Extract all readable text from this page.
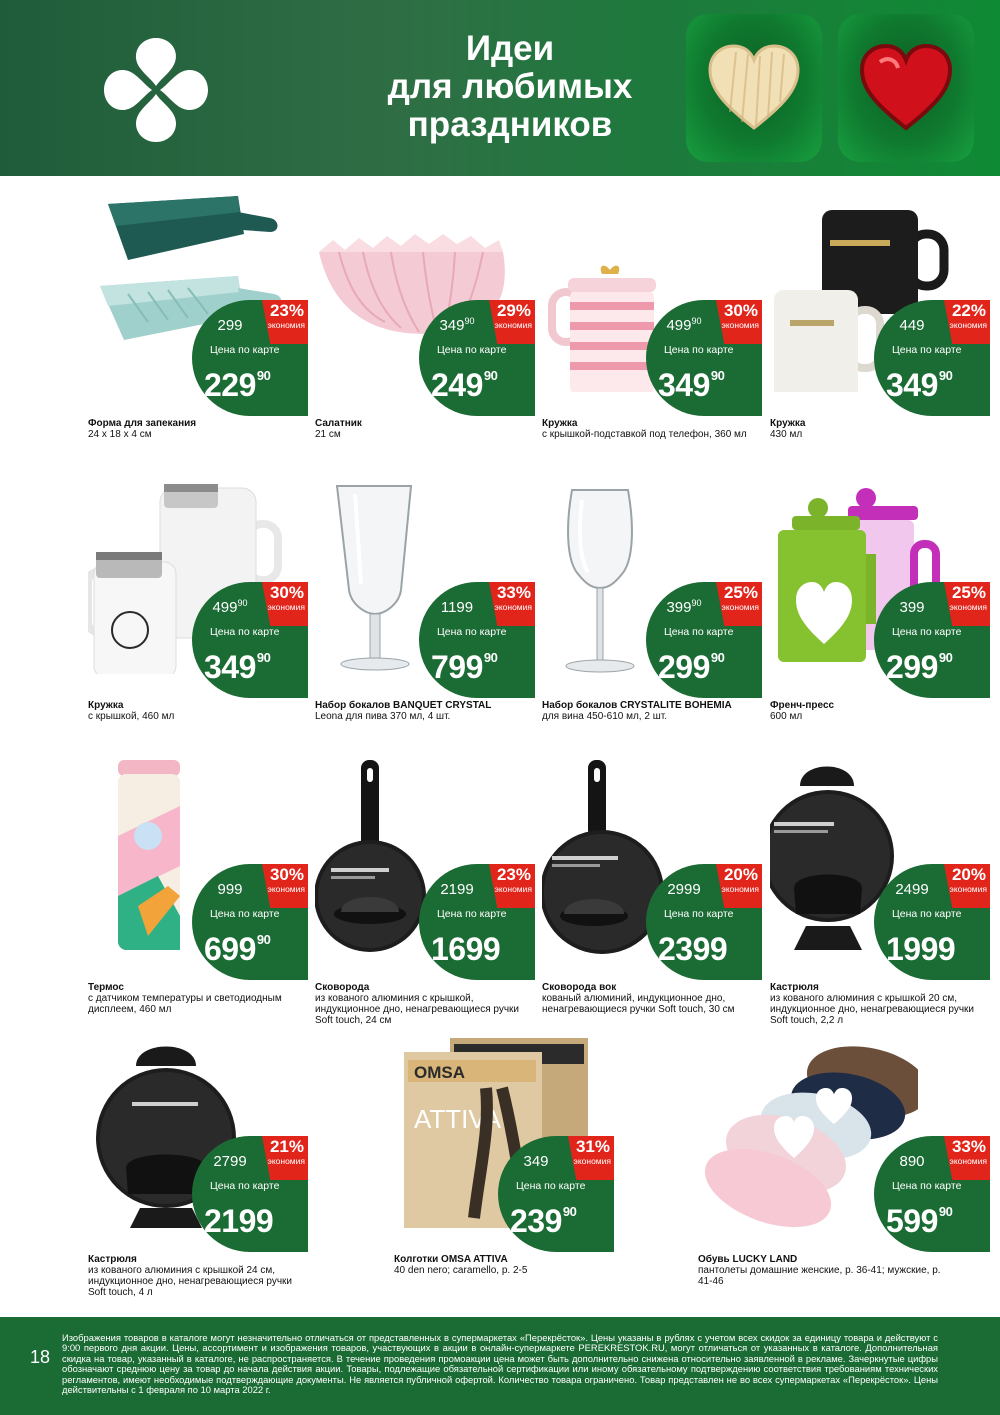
Идеи
для любимых
праздников
23%
экономия
299
Цена по карте
$229^{90}$
Форма для запекания
24 x 18 x 4 см
29%
экономия
$349^{90}$
Цена по карте
$249^{90}$
Салатник
21 см
30%
экономия
$499^{90}$
Цена по карте
$349^{90}$
Кружка
с крышкой-подставкой под телефон, 360 мл
22%
экономия
449
Цена по карте
$349^{90}$
Кружка
430 мл
30%
экономия
$499^{90}$
Цена по карте
$349^{90}$
Кружка
с крышкой, 460 мл
33%
экономия
1199
Цена по карте
$799^{90}$
Набор бокалов BANQUET CRYSTAL
Leona для пива 370 мл, 4 шт.
25%
экономия
$399^{90}$
Цена по карте
$299^{90}$
Набор бокалов CRYSTALITE BOHEMIA
для вина 450-610 мл, 2 шт.
25%
экономия
399
Цена по карте
$299^{90}$
Френч-пресс
600 мл
30%
экономия
999
Цена по карте
$699^{90}$
Термос
с датчиком температуры и светодиодным дисплеем, 460 мл
23%
экономия
2199
Цена по карте
1699
Сковорода
из кованого алюминия с крышкой, индукционное дно, ненагревающиеся ручки Soft touch, 24 см
20%
экономия
2999
Цена по карте
2399
Сковорода вок
кованый алюминий, индукционное дно, ненагревающиеся ручки Soft touch, 30 см
20%
экономия
2499
Цена по карте
1999
Кастрюля
из кованого алюминия с крышкой 20 см, индукционное дно, ненагревающиеся ручки Soft touch, 2,2 л
21%
экономия
2799
Цена по карте
2199
Кастрюля
из кованого алюминия с крышкой 24 см, индукционное дно, ненагревающиеся ручки Soft touch, 4 л
OMSA
ATTIVA
31%
экономия
349
Цена по карте
$239^{90}$
Колготки OMSA ATTIVA
40 den nero; caramello, р. 2-5
33%
экономия
890
Цена по карте
$599^{90}$
Обувь LUCKY LAND
пантолеты домашние женские, р. 36-41; мужские, р. 41-46
18
Изображения товаров в каталоге могут незначительно отличаться от представленных в супермаркетах «Перекрёсток». Цены указаны в рублях с учетом всех скидок за единицу товара и действуют с 9:00 первого дня акции. Цены, ассортимент и изображения товаров, участвующих в акции в онлайн-супермаркете PEREKRESTOK.RU, могут отличаться от указанных в каталоге. Дополнительная скидка на товар, указанный в каталоге, не распространяется. В течение проведения промоакции цена может быть дополнительно снижена относительно заявленной в рекламе. Зачеркнутые цифры обозначают среднюю цену за товар до начала действия акции. Товары, подлежащие обязательной сертификации или иному обязательному подтверждению соответствия требованиям технических регламентов, имеют необходимые подтверждающие документы. Не является публичной офертой. Количество товара ограничено. Товар представлен не во всех супермаркетах «Перекрёсток». Цены действительны с 1 февраля по 10 марта 2022 г.
